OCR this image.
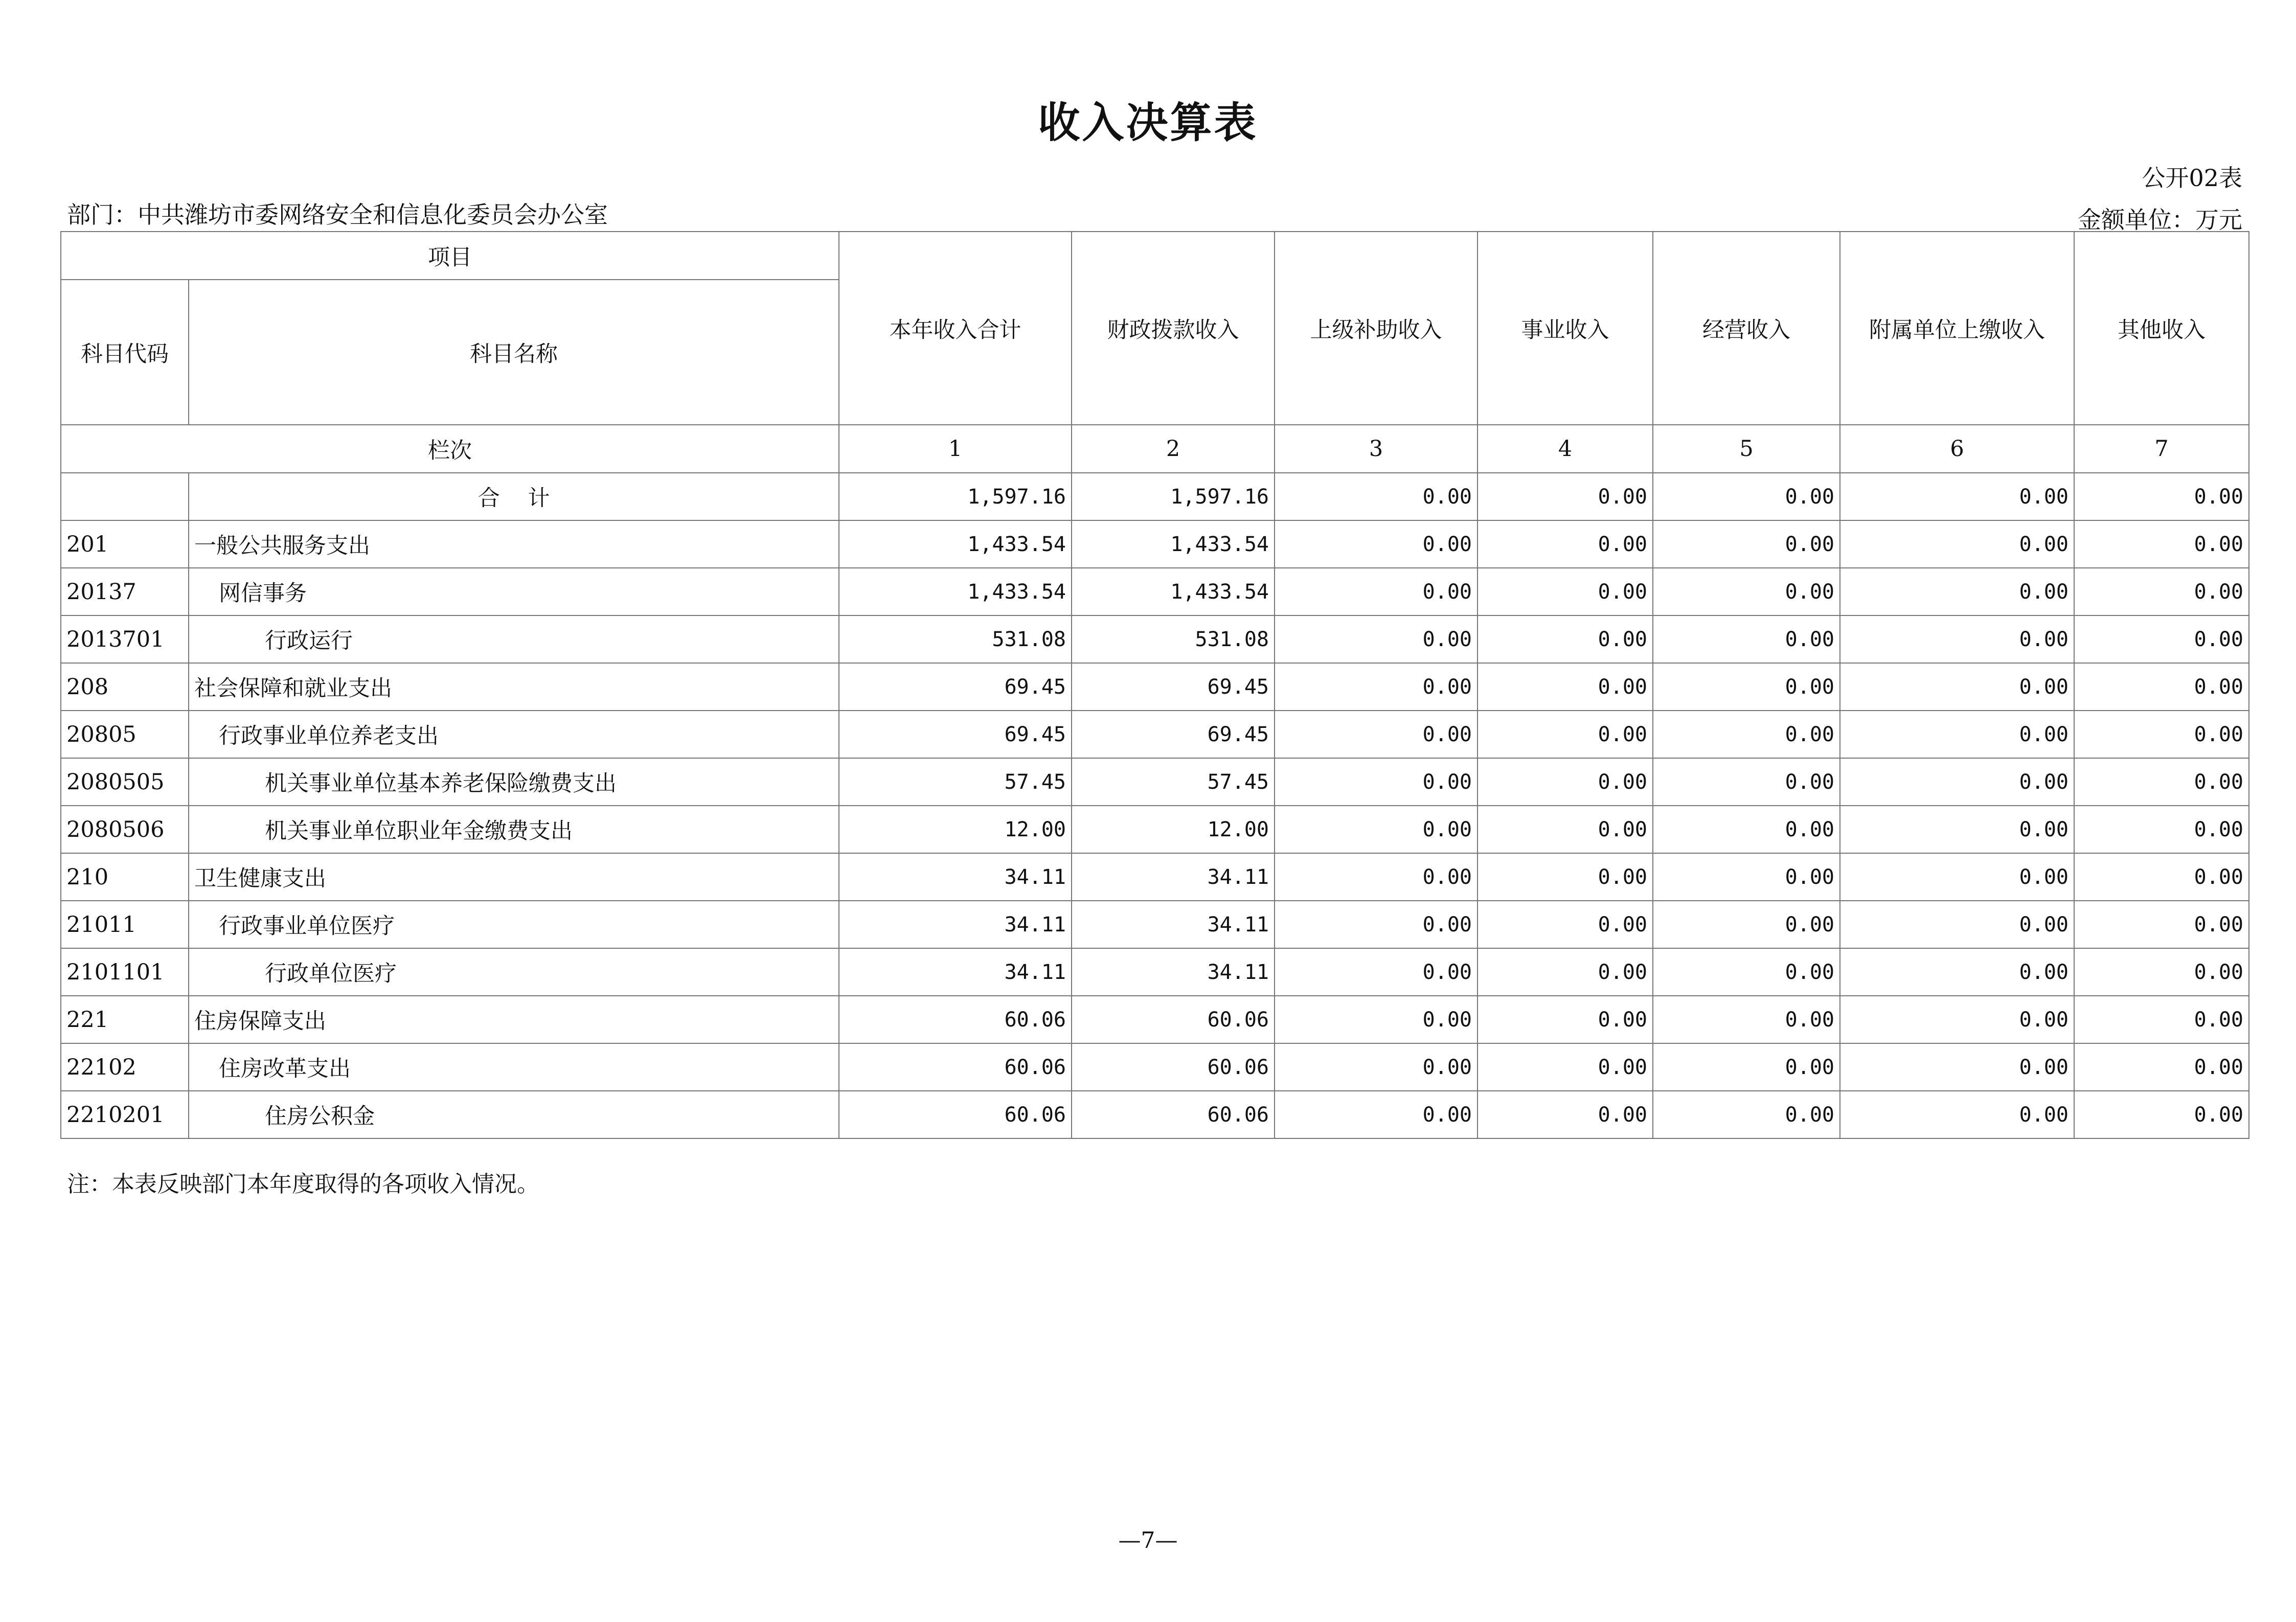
收入决算表
公开02表
部门：中共潍坊市委网络安全和信息化委员会办公室	金额单位：万元
项目		本年收入合计	财政拨款收入	上级补助收入	事业收入	经营收入	附属单位上缴收入	其他收入
科目代码	科目名称							
栏次		1	2	3	4	5	6	7
	合    计	1,597.16	1,597.16	0.00	0.00	0.00	0.00	0.00
201	一般公共服务支出	1,433.54	1,433.54	0.00	0.00	0.00	0.00	0.00
20137	网信事务	1,433.54	1,433.54	0.00	0.00	0.00	0.00	0.00
2013701	行政运行	531.08	531.08	0.00	0.00	0.00	0.00	0.00
208	社会保障和就业支出	69.45	69.45	0.00	0.00	0.00	0.00	0.00
20805	行政事业单位养老支出	69.45	69.45	0.00	0.00	0.00	0.00	0.00
2080505	机关事业单位基本养老保险缴费支出	57.45	57.45	0.00	0.00	0.00	0.00	0.00
2080506	机关事业单位职业年金缴费支出	12.00	12.00	0.00	0.00	0.00	0.00	0.00
210	卫生健康支出	34.11	34.11	0.00	0.00	0.00	0.00	0.00
21011	行政事业单位医疗	34.11	34.11	0.00	0.00	0.00	0.00	0.00
2101101	行政单位医疗	34.11	34.11	0.00	0.00	0.00	0.00	0.00
221	住房保障支出	60.06	60.06	0.00	0.00	0.00	0.00	0.00
22102	住房改革支出	60.06	60.06	0.00	0.00	0.00	0.00	0.00
2210201	住房公积金	60.06	60.06	0.00	0.00	0.00	0.00	0.00
注：本表反映部门本年度取得的各项收入情况。
—7—
